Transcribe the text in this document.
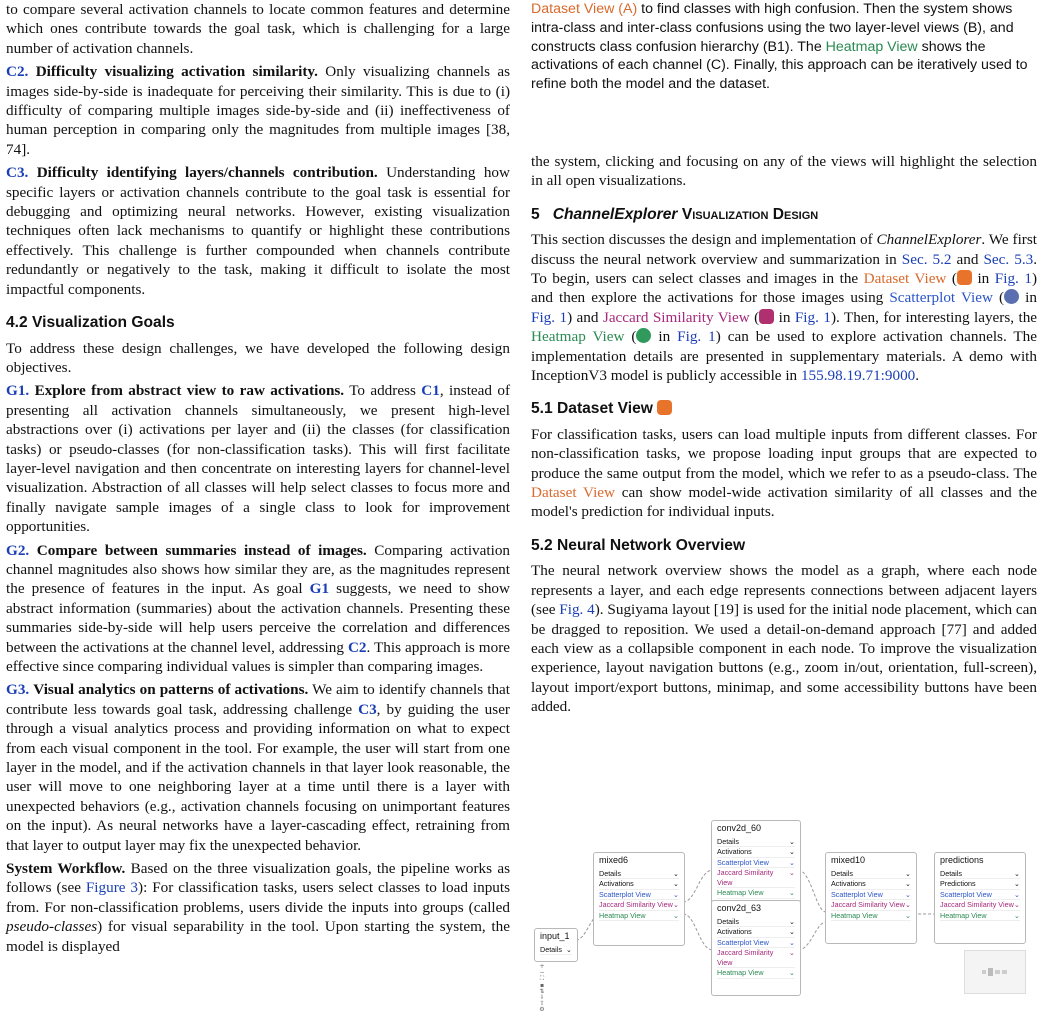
to compare several activation channels to locate common features and determine which ones contribute towards the goal task, which is challenging for a large number of activation channels.

C2. Difficulty visualizing activation similarity. Only visualizing channels as images side-by-side is inadequate for perceiving their similarity. This is due to (i) difficulty of comparing multiple images side-by-side and (ii) ineffectiveness of human perception in comparing only the magnitudes from multiple images [38, 74].

C3. Difficulty identifying layers/channels contribution. Understanding how specific layers or activation channels contribute to the goal task is essential for debugging and optimizing neural networks. However, existing visualization techniques often lack mechanisms to quantify or highlight these contributions effectively. This challenge is further compounded when channels contribute redundantly or negatively to the task, making it difficult to isolate the most impactful components.

4.2 Visualization Goals

To address these design challenges, we have developed the following design objectives.

G1. Explore from abstract view to raw activations. To address C1, instead of presenting all activation channels simultaneously, we present high-level abstractions over (i) activations per layer and (ii) the classes (for classification tasks) or pseudo-classes (for non-classification tasks). This will first facilitate layer-level navigation and then concentrate on interesting layers for channel-level visualization. Abstraction of all classes will help select classes to focus more and finally navigate sample images of a single class to look for improvement opportunities.

G2. Compare between summaries instead of images. Comparing activation channel magnitudes also shows how similar they are, as the magnitudes represent the presence of features in the input. As goal G1 suggests, we need to show abstract information (summaries) about the activation channels. Presenting these summaries side-by-side will help users perceive the correlation and differences between the activations at the channel level, addressing C2. This approach is more effective since comparing individual values is simpler than comparing images.

G3. Visual analytics on patterns of activations. We aim to identify channels that contribute less towards goal task, addressing challenge C3, by guiding the user through a visual analytics process and providing information on what to expect from each visual component in the tool. For example, the user will start from one layer in the model, and if the activation channels in that layer look reasonable, the user will move to one neighboring layer at a time until there is a layer with unexpected behaviors (e.g., activation channels focusing on unimportant features on the input). As neural networks have a layer-cascading effect, retraining from that layer to output layer may fix the unexpected behavior.

System Workflow. Based on the three visualization goals, the pipeline works as follows (see Figure 3): For classification tasks, users select classes to load inputs from. For non-classification problems, users divide the inputs into groups (called pseudo-classes) for visual separability in the tool. Upon starting the system, the model is displayed

Dataset View (A) to find classes with high confusion. Then the system shows intra-class and inter-class confusions using the two layer-level views (B), and constructs class confusion hierarchy (B1). The Heatmap View shows the activations of each channel (C). Finally, this approach can be iteratively used to refine both the model and the dataset.

the system, clicking and focusing on any of the views will highlight the selection in all open visualizations.

5 ChannelExplorer Visualization Design

This section discusses the design and implementation of ChannelExplorer. We first discuss the neural network overview and summarization in Sec. 5.2 and Sec. 5.3. To begin, users can select classes and images in the Dataset View ( in Fig. 1) and then explore the activations for those images using Scatterplot View ( in Fig. 1) and Jaccard Similarity View ( in Fig. 1). Then, for interesting layers, the Heatmap View ( in Fig. 1) can be used to explore activation channels. The implementation details are presented in supplementary materials. A demo with InceptionV3 model is publicly accessible in 155.98.19.71:9000.

5.1 Dataset View

For classification tasks, users can load multiple inputs from different classes. For non-classification tasks, we propose loading input groups that are expected to produce the same output from the model, which we refer to as a pseudo-class. The Dataset View can show model-wide activation similarity of all classes and the model's prediction for individual inputs.

5.2 Neural Network Overview

The neural network overview shows the model as a graph, where each node represents a layer, and each edge represents connections between adjacent layers (see Fig. 4). Sugiyama layout [19] is used for the initial node placement, which can be dragged to reposition. We used a detail-on-demand approach [77] and added each view as a collapsible component in each node. To improve the visualization experience, layout navigation buttons (e.g., zoom in/out, orientation, full-screen), layout import/export buttons, minimap, and some accessibility buttons have been added.

input_1
Details ⌄
mixed6
Details	⌄
Activations	⌄
Scatterplot View	⌄
Jaccard Similarity View ⌄
Heatmap View	⌄
conv2d_60
Details	⌄
Activations	⌄
Scatterplot View	⌄
Jaccard Similarity View
⌄
Heatmap View	⌄
conv2d_63
Details	⌄
Activations	⌄
Scatterplot View	⌄
Jaccard Similarity View
⌄
Heatmap View	⌄
mixed10
Details	⌄
Activations	⌄
Scatterplot View	⌄
Jaccard Similarity View ⌄
Heatmap View	⌄
predictions
Details	⌄
Predictions	⌄
Scatterplot View	⌄
Jaccard Similarity View ⌄
Heatmap View	⌄
+
−
⛶
▪
⇅
⇩
⇧
⚙
